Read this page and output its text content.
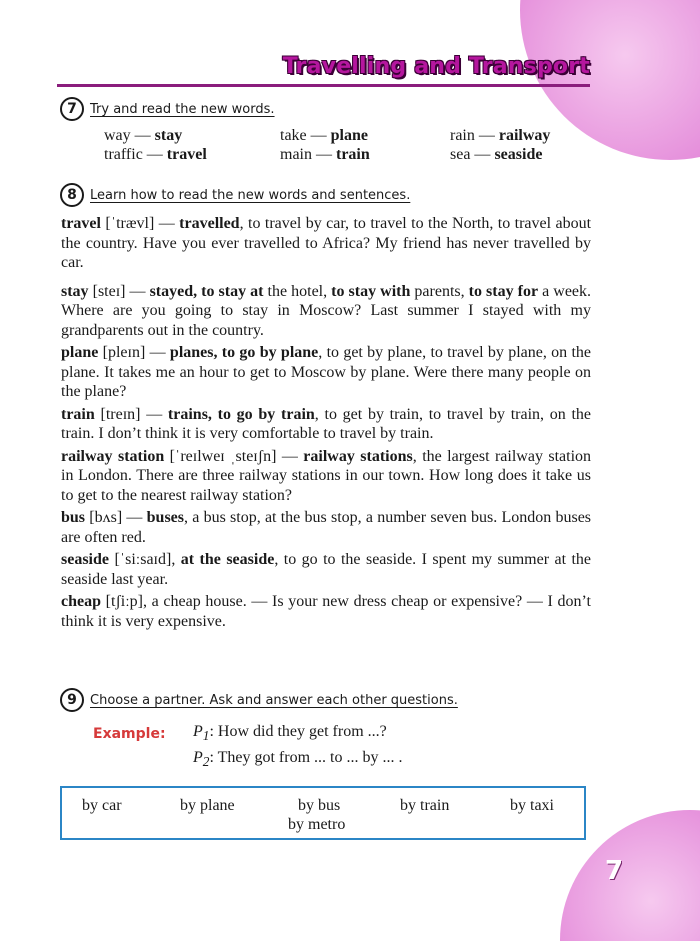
Travelling and Transport
7	Try and read the new words.
way — stay	take — plane	rain — railway
traffic — travel	main — train	sea — seaside
8	Learn how to read the new words and sentences.

travel [ˈtrævl] — travelled, to travel by car, to travel to the North, to travel about the country. Have you ever travelled to Africa? My friend has never travelled by car.

stay [steɪ] — stayed, to stay at the hotel, to stay with parents, to stay for a week. Where are you going to stay in Moscow? Last summer I stayed with my grandparents out in the country.

plane [pleɪn] — planes, to go by plane, to get by plane, to travel by plane, on the plane. It takes me an hour to get to Moscow by plane. Were there many people on the plane?

train [treɪn] — trains, to go by train, to get by train, to travel by train, on the train. I don’t think it is very comfortable to travel by train.

railway station [ˈreɪlweɪ ˌsteɪʃn] — railway stations, the largest railway station in London. There are three railway stations in our town. How long does it take us to get to the nearest railway station?

bus [bʌs] — buses, a bus stop, at the bus stop, a number seven bus. London buses are often red.

seaside [ˈsiːsaɪd], at the seaside, to go to the seaside. I spent my summer at the seaside last year.

cheap [tʃiːp], a cheap house. — Is your new dress cheap or expensive? — I don’t think it is very expensive.

9	Choose a partner. Ask and answer each other questions.
Example: $P_1$: How did they get from ...?
$P_2$: They got from ... to ... by ... .
by car	by plane	by bus	by train	by taxi
by metro
7
